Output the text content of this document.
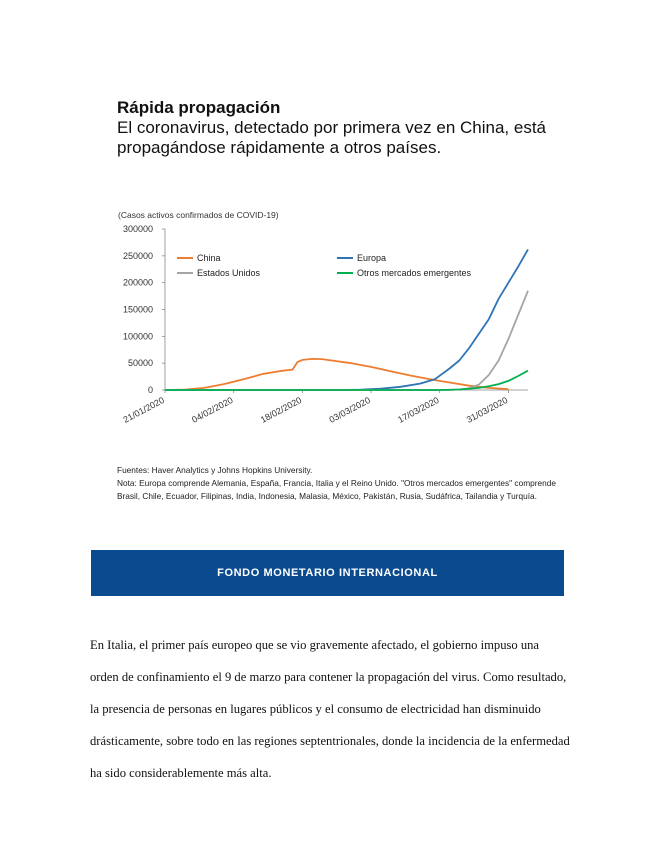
Rápida propagación

El coronavirus, detectado por primera vez en China, está propagándose rápidamente a otros países.

(Casos activos confirmados de COVID-19)
0
50000
100000
150000
200000
250000
300000
21/01/2020	04/02/2020	18/02/2020	03/03/2020	17/03/2020	31/03/2020
China	Europa
Estados Unidos	Otros mercados emergentes

Fuentes: Haver Analytics y Johns Hopkins University.

Nota: Europa comprende Alemania, España, Francia, Italia y el Reino Unido. "Otros mercados emergentes" comprende Brasil, Chile, Ecuador, Filipinas, India, Indonesia, Malasia, México, Pakistán, Rusia, Sudáfrica, Tailandia y Turquía.

FONDO MONETARIO INTERNACIONAL

En Italia, el primer país europeo que se vio gravemente afectado, el gobierno impuso una orden de confinamiento el 9 de marzo para contener la propagación del virus. Como resultado, la presencia de personas en lugares públicos y el consumo de electricidad han disminuido drásticamente, sobre todo en las regiones septentrionales, donde la incidencia de la enfermedad ha sido considerablemente más alta.
